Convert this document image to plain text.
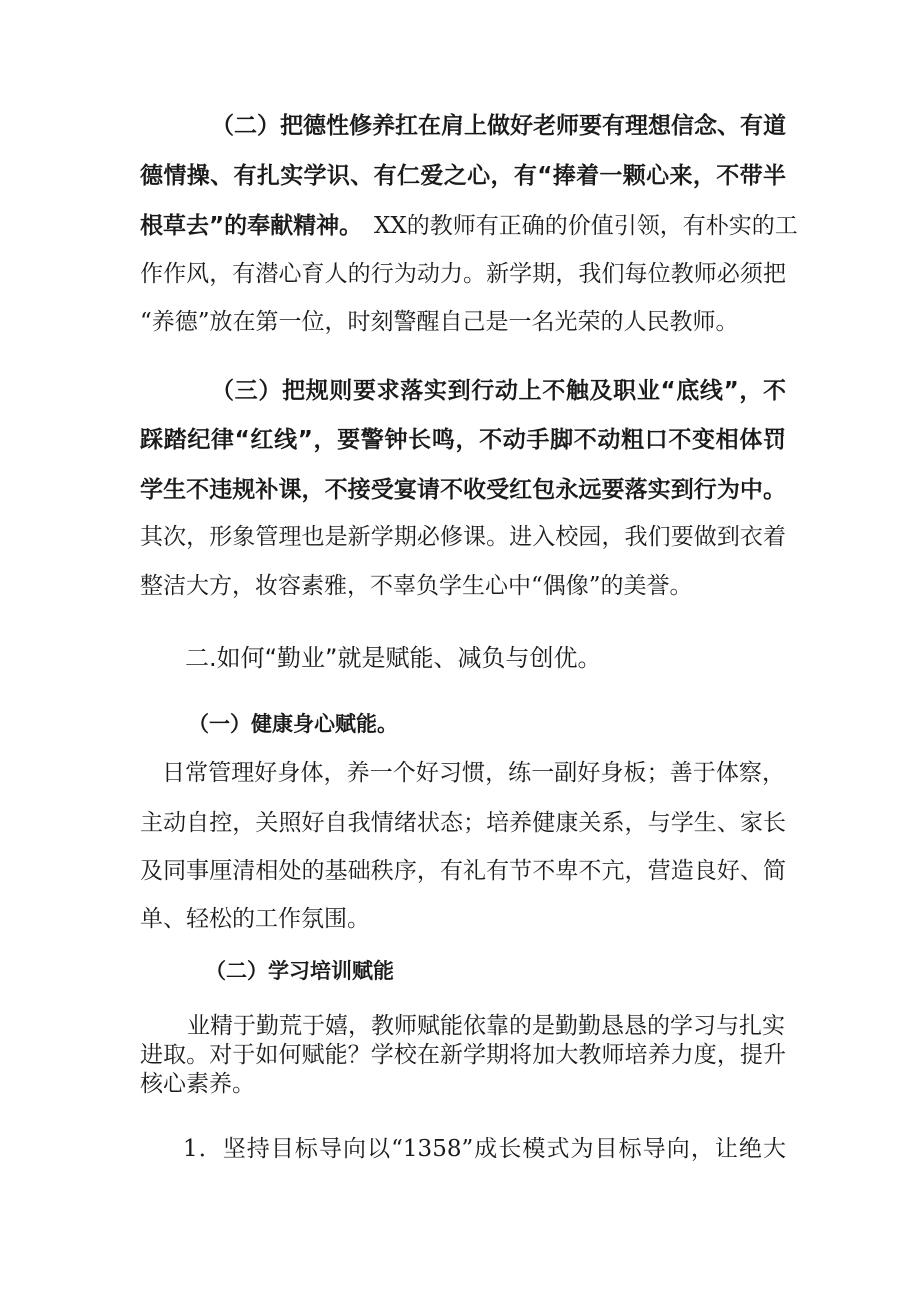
（二）把德性修养扛在肩上做好老师要有理想信念、有道
德情操、有扎实学识、有仁爱之心，有“捧着一颗心来，不带半
根草去”的奉献精神。 XX的教师有正确的价值引领，有朴实的工
作作风，有潜心育人的行为动力。新学期，我们每位教师必须把
“养德”放在第一位，时刻警醒自己是一名光荣的人民教师。
（三）把规则要求落实到行动上不触及职业“底线”，不
踩踏纪律“红线”，要警钟长鸣，不动手脚不动粗口不变相体罚
学生不违规补课，不接受宴请不收受红包永远要落实到行为中。
其次，形象管理也是新学期必修课。进入校园，我们要做到衣着
整洁大方，妆容素雅，不辜负学生心中“偶像”的美誉。
二.如何“勤业”就是赋能、减负与创优。
（一）健康身心赋能。
日常管理好身体，养一个好习惯，练一副好身板；善于体察，
主动自控，关照好自我情绪状态；培养健康关系，与学生、家长
及同事厘清相处的基础秩序，有礼有节不卑不亢，营造良好、简
单、轻松的工作氛围。
（二）学习培训赋能
业精于勤荒于嬉，教师赋能依靠的是勤勤恳恳的学习与扎实
进取。对于如何赋能？学校在新学期将加大教师培养力度，提升
核心素养。
1．坚持目标导向以“1358”成长模式为目标导向，让绝大
